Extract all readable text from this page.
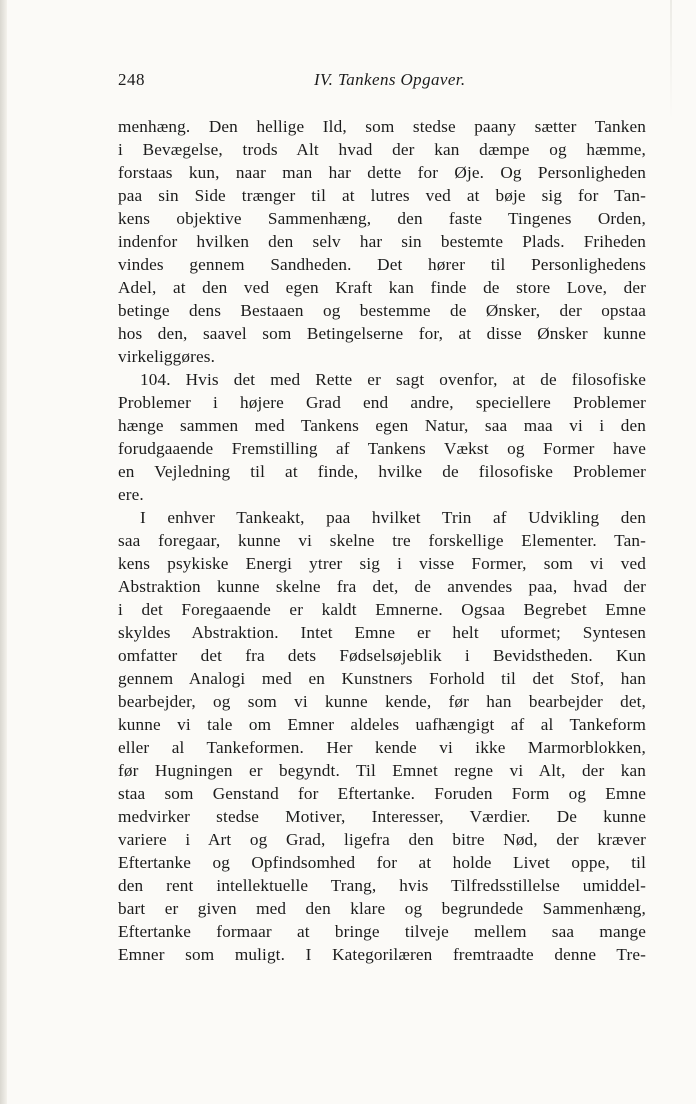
248	IV. Tankens Opgaver.
menhæng. Den hellige Ild, som stedse paany sætter Tanken
i Bevægelse, trods Alt hvad der kan dæmpe og hæmme,
forstaas kun, naar man har dette for Øje. Og Personligheden
paa sin Side trænger til at lutres ved at bøje sig for Tan-
kens objektive Sammenhæng, den faste Tingenes Orden,
indenfor hvilken den selv har sin bestemte Plads. Friheden
vindes gennem Sandheden. Det hører til Personlighedens
Adel, at den ved egen Kraft kan finde de store Love, der
betinge dens Bestaaen og bestemme de Ønsker, der opstaa
hos den, saavel som Betingelserne for, at disse Ønsker kunne
virkeliggøres.
104. Hvis det med Rette er sagt ovenfor, at de filosofiske
Problemer i højere Grad end andre, speciellere Problemer
hænge sammen med Tankens egen Natur, saa maa vi i den
forudgaaende Fremstilling af Tankens Vækst og Former have
en Vejledning til at finde, hvilke de filosofiske Problemer
ere.
I enhver Tankeakt, paa hvilket Trin af Udvikling den
saa foregaar, kunne vi skelne tre forskellige Elementer. Tan-
kens psykiske Energi ytrer sig i visse Former, som vi ved
Abstraktion kunne skelne fra det, de anvendes paa, hvad der
i det Foregaaende er kaldt Emnerne. Ogsaa Begrebet Emne
skyldes Abstraktion. Intet Emne er helt uformet; Syntesen
omfatter det fra dets Fødselsøjeblik i Bevidstheden. Kun
gennem Analogi med en Kunstners Forhold til det Stof, han
bearbejder, og som vi kunne kende, før han bearbejder det,
kunne vi tale om Emner aldeles uafhængigt af al Tankeform
eller al Tankeformen. Her kende vi ikke Marmorblokken,
før Hugningen er begyndt. Til Emnet regne vi Alt, der kan
staa som Genstand for Eftertanke. Foruden Form og Emne
medvirker stedse Motiver, Interesser, Værdier. De kunne
variere i Art og Grad, ligefra den bitre Nød, der kræver
Eftertanke og Opfindsomhed for at holde Livet oppe, til
den rent intellektuelle Trang, hvis Tilfredsstillelse umiddel-
bart er given med den klare og begrundede Sammenhæng,
Eftertanke formaar at bringe tilveje mellem saa mange
Emner som muligt. I Kategorilæren fremtraadte denne Tre-
